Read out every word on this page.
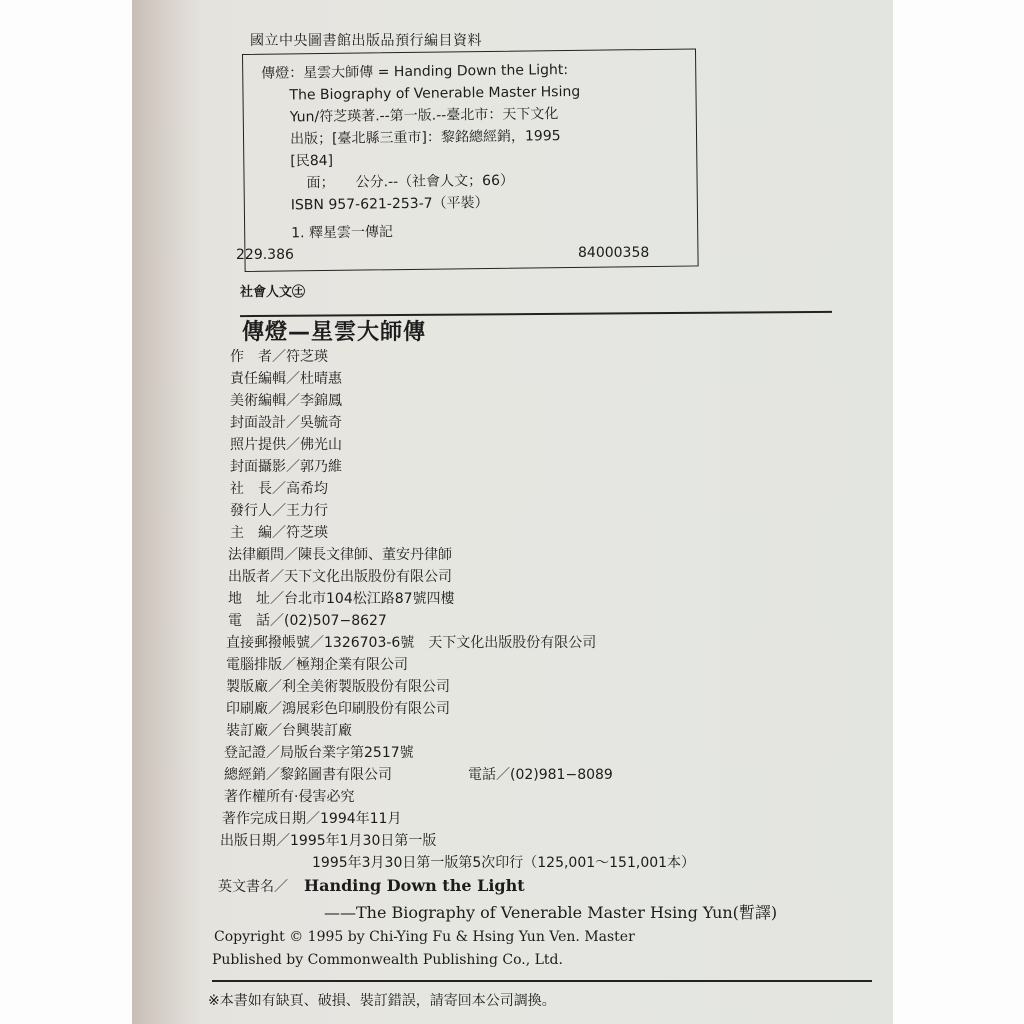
國立中央圖書館出版品預行編目資料
傳燈：星雲大師傳 = Handing Down the Light:
The Biography of Venerable Master Hsing
Yun/符芝瑛著.--第一版.--臺北市：天下文化
出版；[臺北縣三重市]：黎銘總經銷，1995
[民84]
面；　　公分.--（社會人文；66）
ISBN 957-621-253-7（平裝）
1. 釋星雲一傳記
229.386	84000358
社會人文㊏
傳燈—星雲大師傳
作　者／符芝瑛
責任編輯／杜晴惠
美術編輯／李錦鳳
封面設計／吳毓奇
照片提供／佛光山
封面攝影／郭乃維
社　長／高希均
發行人／王力行
主　編／符芝瑛
法律顧問／陳長文律師、董安丹律師
出版者／天下文化出版股份有限公司
地　址／台北市104松江路87號四樓
電　話／(02)507−8627
直接郵撥帳號／1326703-6號　天下文化出版股份有限公司
電腦排版／極翔企業有限公司
製版廠／利全美術製版股份有限公司
印刷廠／鴻展彩色印刷股份有限公司
裝訂廠／台興裝訂廠
登記證／局版台業字第2517號
總經銷／黎銘圖書有限公司	電話／(02)981−8089
著作權所有·侵害必究
著作完成日期／1994年11月
出版日期／1995年1月30日第一版
1995年3月30日第一版第5次印行（125,001～151,001本）
英文書名／ Handing Down the Light
——The Biography of Venerable Master Hsing Yun(暫譯)
Copyright © 1995 by Chi-Ying Fu & Hsing Yun Ven. Master
Published by Commonwealth Publishing Co., Ltd.
※本書如有缺頁、破損、裝訂錯誤，請寄回本公司調換。
